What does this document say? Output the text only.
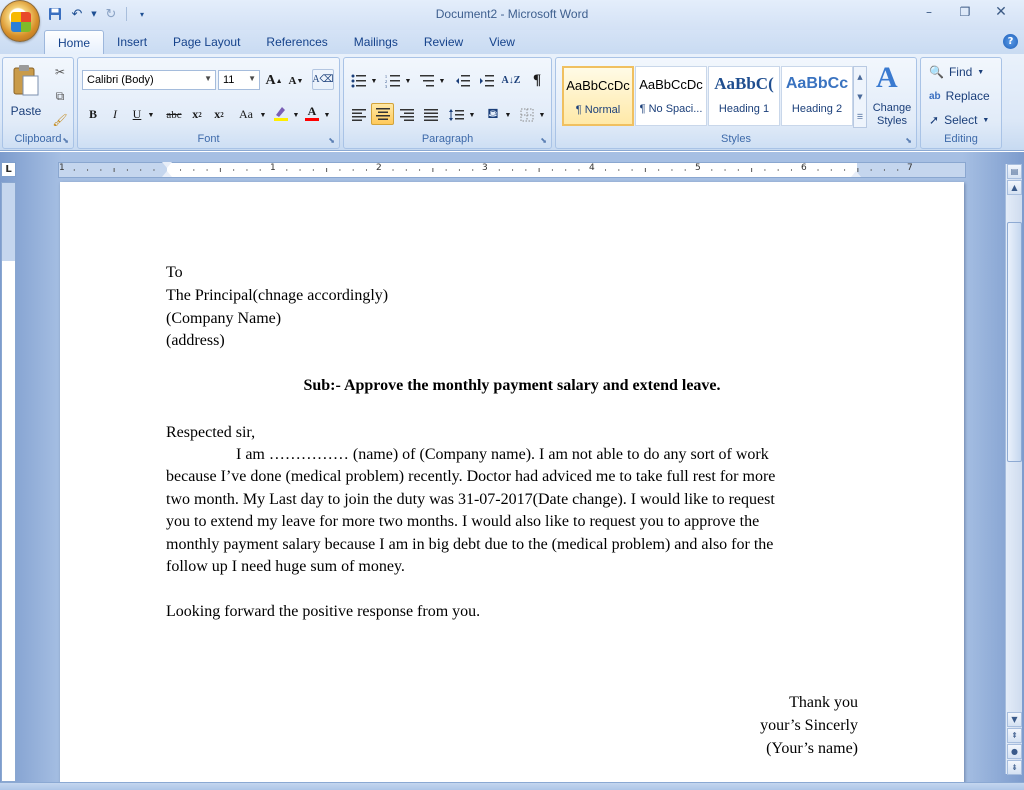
↶	▼ ↻	▾	Document2 - Microsoft Word	–	❐	✕
Home	Insert	Page Layout	References	Mailings	Review	View	?
Paste
✂
⧉
🖌
Clipboard ⬊
Calibri (Body)	▼ 11 ▼ A ▲ A ▼ A⌫
B	I	U ▼	abc x 2 x 2	Aa ▼	▼ A ▼
Font	⬊
▼
1
2
3
▼	▼	A↓Z ¶
▼ ⛾ ▼	▼
Paragraph	⬊
AaBbCcDc
¶ Normal
AaBbCcDc
¶ No Spaci...
AaBbC(
Heading 1
AaBbCc
Heading 2
▲
▼
☰
A
Change Styles
Styles	⬊
🔍 Find ▼
ab Replace
➚ Select ▼
Editing
L	1	1	2	3	4	5	6	7
To
The Principal(chnage accordingly)
(Company Name)
(address)
Sub:- Approve the monthly payment salary and extend leave.
Respected sir,
I am …………… (name) of (Company name). I am not able to do any sort of work
because I’ve done (medical problem) recently. Doctor had adviced me to take full rest for more
two month. My Last day to join the duty was 31-07-2017(Date change). I would like to request
you to extend my leave for more two months. I would also like to request you to approve the
monthly payment salary because I am in big debt due to the (medical problem) and also for the
follow up I need huge sum of money.
Looking forward the positive response from you.
Thank you
your’s Sincerly
(Your’s name)
▤
▲
▼
⇞
●
⇟
